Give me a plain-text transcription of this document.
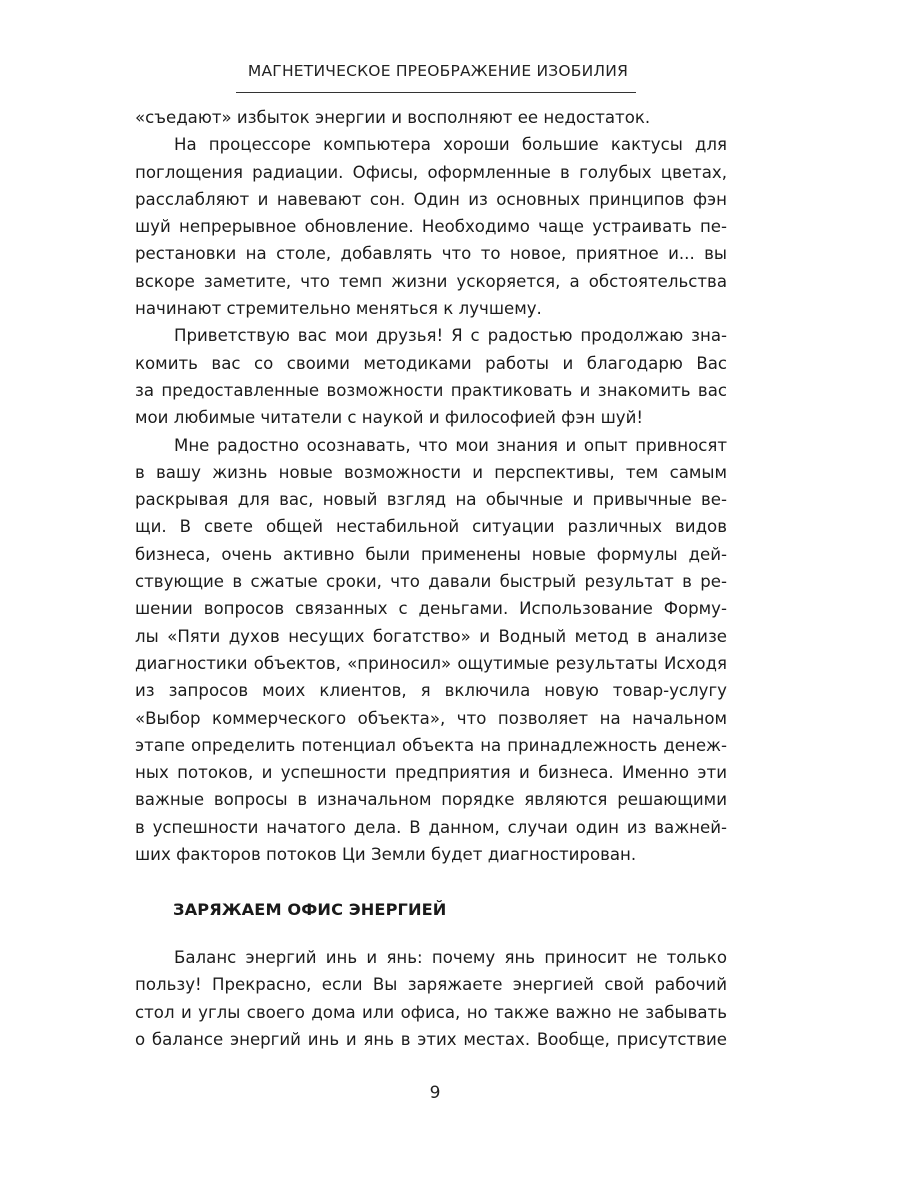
МАГНЕТИЧЕСКОЕ ПРЕОБРАЖЕНИЕ ИЗОБИЛИЯ

«съедают» избыток энергии и восполняют ее недостаток.

На процессоре компьютера хороши большие кактусы для
поглощения радиации. Офисы, оформленные в голубых цветах,
расслабляют и навевают сон. Один из основных принципов фэн
шуй непрерывное обновление. Необходимо чаще устраивать пе-
рестановки на столе, добавлять что то новое, приятное и... вы
вскоре заметите, что темп жизни ускоряется, а обстоятельства
начинают стремительно меняться к лучшему.

Приветствую вас мои друзья! Я с радостью продолжаю зна-
комить вас со своими методиками работы и благодарю Вас
за предоставленные возможности практиковать и знакомить вас
мои любимые читатели с наукой и философией фэн шуй!

Мне радостно осознавать, что мои знания и опыт привносят
в вашу жизнь новые возможности и перспективы, тем самым
раскрывая для вас, новый взгляд на обычные и привычные ве-
щи. В свете общей нестабильной ситуации различных видов
бизнеса, очень активно были применены новые формулы дей-
ствующие в сжатые сроки, что давали быстрый результат в ре-
шении вопросов связанных с деньгами. Использование Форму-
лы «Пяти духов несущих богатство» и Водный метод в анализе
диагностики объектов, «приносил» ощутимые результаты Исходя
из запросов моих клиентов, я включила новую товар-услугу
«Выбор коммерческого объекта», что позволяет на начальном
этапе определить потенциал объекта на принадлежность денеж-
ных потоков, и успешности предприятия и бизнеса. Именно эти
важные вопросы в изначальном порядке являются решающими
в успешности начатого дела. В данном, случаи один из важней-
ших факторов потоков Ци Земли будет диагностирован.

ЗАРЯЖАЕМ ОФИС ЭНЕРГИЕЙ
Баланс энергий инь и янь: почему янь приносит не только
пользу! Прекрасно, если Вы заряжаете энергией свой рабочий
стол и углы своего дома или офиса, но также важно не забывать
о балансе энергий инь и янь в этих местах. Вообще, присутствие
9
